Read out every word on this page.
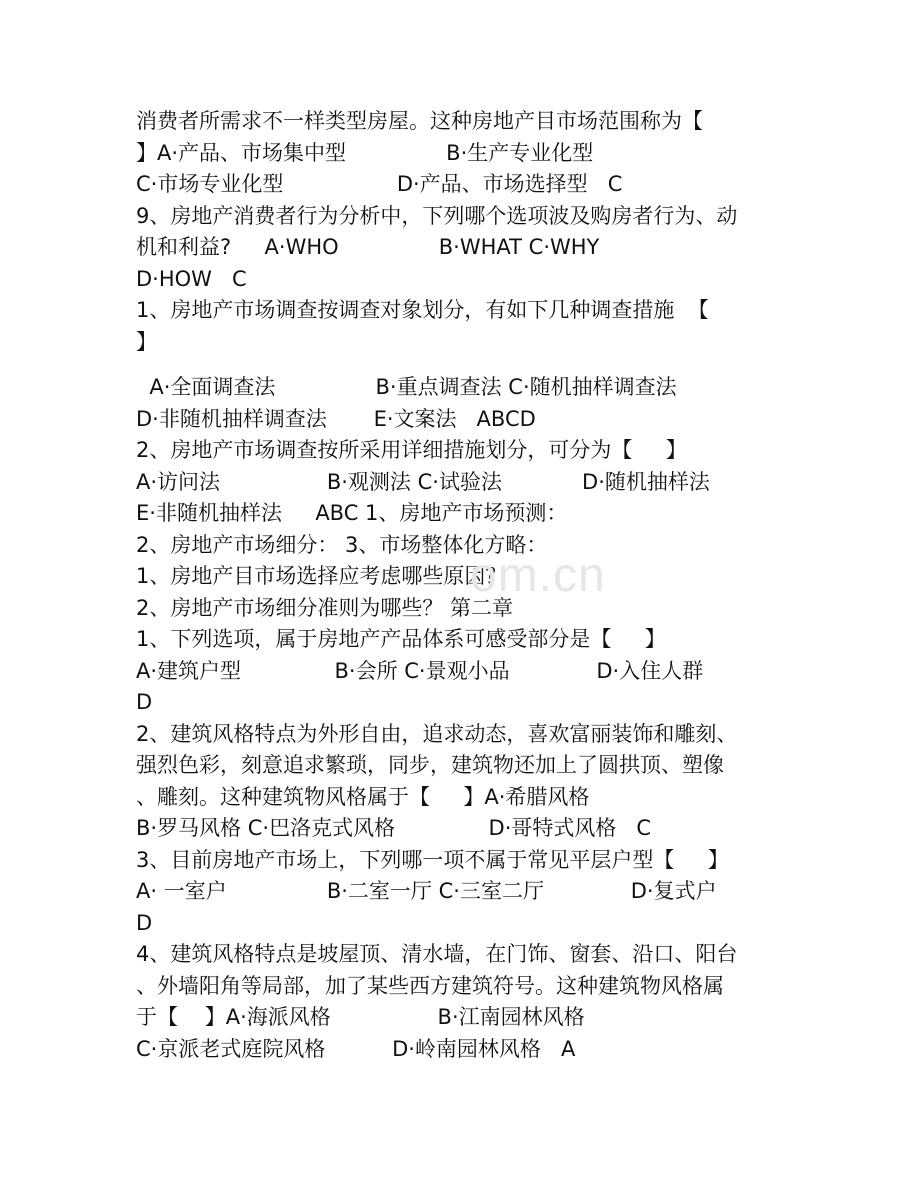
消费者所需求不一样类型房屋。这种房地产目市场范围称为【
】A·产品、市场集中型               B·生产专业化型
C·市场专业化型                 D·产品、市场选择型   C
9、房地产消费者行为分析中，下列哪个选项波及购房者行为、动
机和利益?     A·WHO               B·WHAT C·WHY
D·HOW   C
1、房地产市场调查按调查对象划分，有如下几种调查措施  【
】
A·全面调查法               B·重点调查法 C·随机抽样调查法
D·非随机抽样调查法       E·文案法   ABCD
2、房地产市场调查按所采用详细措施划分，可分为【     】
A·访问法                B·观测法 C·试验法            D·随机抽样法
E·非随机抽样法     ABC 1、房地产市场预测：
2、房地产市场细分： 3、市场整体化方略：
1、房地产目市场选择应考虑哪些原因？
2、房地产市场细分准则为哪些？ 第二章
1、下列选项，属于房地产产品体系可感受部分是【     】
A·建筑户型              B·会所 C·景观小品             D·入住人群
D
2、建筑风格特点为外形自由，追求动态，喜欢富丽装饰和雕刻、
强烈色彩，刻意追求繁琐，同步，建筑物还加上了圆拱顶、塑像
、雕刻。这种建筑物风格属于【     】A·希腊风格
B·罗马风格 C·巴洛克式风格              D·哥特式风格   C
3、目前房地产市场上，下列哪一项不属于常见平层户型【     】
A· 一室户               B·二室一厅 C·三室二厅             D·复式户
D
4、建筑风格特点是坡屋顶、清水墙，在门饰、窗套、沿口、阳台
、外墙阳角等局部，加了某些西方建筑符号。这种建筑物风格属
于【    】A·海派风格                B·江南园林风格
C·京派老式庭院风格          D·岭南园林风格   A
om.cn
